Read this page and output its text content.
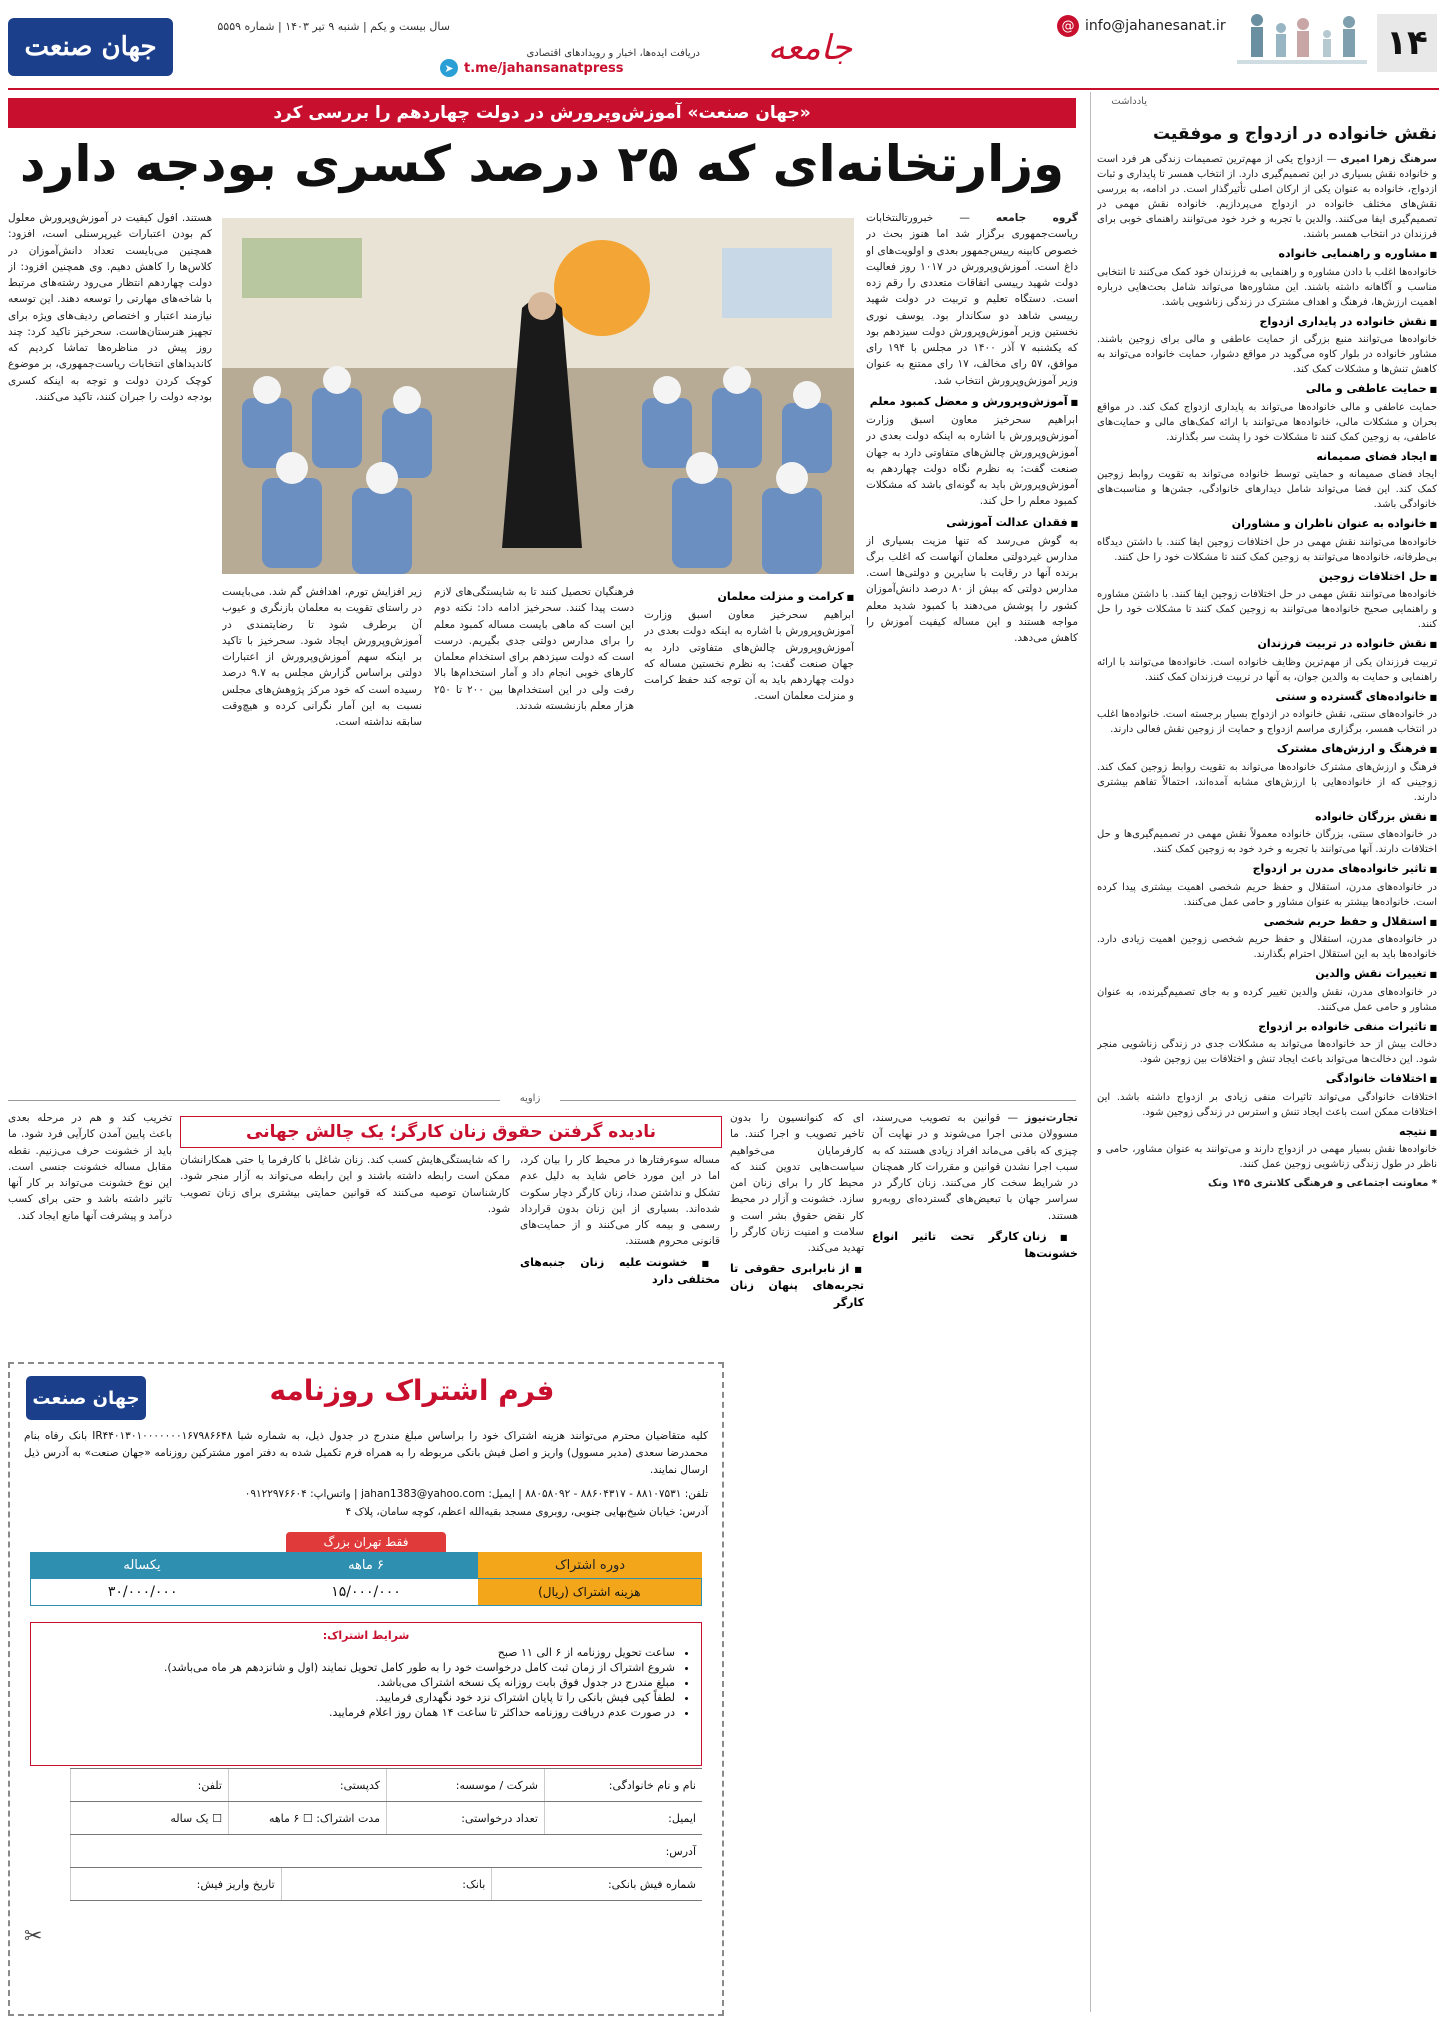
۱۴
@ info@jahanesanat.ir
جامعه
دریافت ایده‌ها، اخبار و رویدادهای اقتصادی
➤ t.me/jahansanatpress
سال بیست و یکم | شنبه ۹ تیر ۱۴۰۳ | شماره ۵۵۵۹
جهان صنعت
یادداشت
نقش خانواده در ازدواج و موفقیت

سرهنگ زهرا امیری — ازدواج یکی از مهم‌ترین تصمیمات زندگی هر فرد است و خانواده نقش بسیاری در این تصمیم‌گیری دارد. از انتخاب همسر تا پایداری و ثبات ازدواج، خانواده به عنوان یکی از ارکان اصلی تأثیرگذار است. در ادامه، به بررسی نقش‌های مختلف خانواده در ازدواج می‌پردازیم. خانواده نقش مهمی در تصمیم‌گیری ایفا می‌کنند. والدین با تجربه و خرد خود می‌توانند راهنمای خوبی برای فرزندان در انتخاب همسر باشند.

■ مشاوره و راهنمایی خانواده

خانواده‌ها اغلب با دادن مشاوره و راهنمایی به فرزندان خود کمک می‌کنند تا انتخابی مناسب و آگاهانه داشته باشند. این مشاوره‌ها می‌تواند شامل بحث‌هایی درباره اهمیت ارزش‌ها، فرهنگ و اهداف مشترک در زندگی زناشویی باشد.

■ نقش خانواده در پایداری ازدواج

خانواده‌ها می‌توانند منبع بزرگی از حمایت عاطفی و مالی برای زوجین باشند. مشاور خانواده در بلوار کاوه می‌گوید در مواقع دشوار، حمایت خانواده می‌تواند به کاهش تنش‌ها و مشکلات کمک کند.

■ حمایت عاطفی و مالی

حمایت عاطفی و مالی خانواده‌ها می‌تواند به پایداری ازدواج کمک کند. در مواقع بحران و مشکلات مالی، خانواده‌ها می‌توانند با ارائه کمک‌های مالی و حمایت‌های عاطفی، به زوجین کمک کنند تا مشکلات خود را پشت سر بگذارند.

■ ایجاد فضای صمیمانه

ایجاد فضای صمیمانه و حمایتی توسط خانواده می‌تواند به تقویت روابط زوجین کمک کند. این فضا می‌تواند شامل دیدارهای خانوادگی، جشن‌ها و مناسبت‌های خانوادگی باشد.

■ خانواده به عنوان ناظران و مشاوران

خانواده‌ها می‌توانند نقش مهمی در حل اختلافات زوجین ایفا کنند. با داشتن دیدگاه بی‌طرفانه، خانواده‌ها می‌توانند به زوجین کمک کنند تا مشکلات خود را حل کنند.

■ حل اختلافات زوجین

خانواده‌ها می‌توانند نقش مهمی در حل اختلافات زوجین ایفا کنند. با داشتن مشاوره و راهنمایی صحیح خانواده‌ها می‌توانند به زوجین کمک کنند تا مشکلات خود را حل کنند.

■ نقش خانواده در تربیت فرزندان

تربیت فرزندان یکی از مهم‌ترین وظایف خانواده است. خانواده‌ها می‌توانند با ارائه راهنمایی و حمایت به والدین جوان، به آنها در تربیت فرزندان کمک کنند.

■ خانواده‌های گسترده و سنتی

در خانواده‌های سنتی، نقش خانواده در ازدواج بسیار برجسته است. خانواده‌ها اغلب در انتخاب همسر، برگزاری مراسم ازدواج و حمایت از زوجین نقش فعالی دارند.

■ فرهنگ و ارزش‌های مشترک

فرهنگ و ارزش‌های مشترک خانواده‌ها می‌تواند به تقویت روابط زوجین کمک کند. زوجینی که از خانواده‌هایی با ارزش‌های مشابه آمده‌اند، احتمالاً تفاهم بیشتری دارند.

■ نقش بزرگان خانواده

در خانواده‌های سنتی، بزرگان خانواده معمولاً نقش مهمی در تصمیم‌گیری‌ها و حل اختلافات دارند. آنها می‌توانند با تجربه و خرد خود به زوجین کمک کنند.

■ تاثیر خانواده‌های مدرن بر ازدواج

در خانواده‌های مدرن، استقلال و حفظ حریم شخصی اهمیت بیشتری پیدا کرده است. خانواده‌ها بیشتر به عنوان مشاور و حامی عمل می‌کنند.

■ استقلال و حفظ حریم شخصی

در خانواده‌های مدرن، استقلال و حفظ حریم شخصی زوجین اهمیت زیادی دارد. خانواده‌ها باید به این استقلال احترام بگذارند.

■ تغییرات نقش والدین

در خانواده‌های مدرن، نقش والدین تغییر کرده و به جای تصمیم‌گیرنده، به عنوان مشاور و حامی عمل می‌کنند.

■ تاثیرات منفی خانواده بر ازدواج

دخالت بیش از حد خانواده‌ها می‌تواند به مشکلات جدی در زندگی زناشویی منجر شود. این دخالت‌ها می‌تواند باعث ایجاد تنش و اختلافات بین زوجین شود.

■ اختلافات خانوادگی

اختلافات خانوادگی می‌تواند تاثیرات منفی زیادی بر ازدواج داشته باشد. این اختلافات ممکن است باعث ایجاد تنش و استرس در زندگی زوجین شود.

■ نتیجه

خانواده‌ها نقش بسیار مهمی در ازدواج دارند و می‌توانند به عنوان مشاور، حامی و ناظر در طول زندگی زناشویی زوجین عمل کنند.

* معاونت اجتماعی و فرهنگی کلانتری ۱۴۵ ونک

«جهان صنعت» آموزش‌وپرورش در دولت چهاردهم را بررسی کرد
وزارتخانه‌ای که ۲۵ درصد کسری بودجه دارد

گروه جامعه — خبرورتالنتخابات ریاست‌جمهوری برگزار شد اما هنوز بحث در خصوص کابینه رییس‌جمهور بعدی و اولویت‌های او داغ است. آموزش‌وپرورش در ۱۰۱۷ روز فعالیت دولت شهید رییسی اتفاقات متعددی را رقم زده است. دستگاه تعلیم و تربیت در دولت شهید رییسی شاهد دو سکاندار بود. یوسف نوری نخستین وزیر آموزش‌وپرورش دولت سیزدهم بود که یکشنبه ۷ آذر ۱۴۰۰ در مجلس با ۱۹۴ رای موافق، ۵۷ رای مخالف، ۱۷ رای ممتنع به عنوان وزیر آموزش‌وپرورش انتخاب شد.

■ آموزش‌وپرورش و معضل کمبود معلم

ابراهیم سحرخیز معاون اسبق وزارت آموزش‌وپرورش با اشاره به اینکه دولت بعدی در آموزش‌وپرورش چالش‌های متفاوتی دارد به جهان صنعت گفت: به نظرم نگاه دولت چهاردهم به آموزش‌وپرورش باید به گونه‌ای باشد که مشکلات کمبود معلم را حل کند.

■ فقدان عدالت آموزشی

به گوش می‌رسد که تنها مزیت بسیاری از مدارس غیردولتی معلمان آنهاست که اغلب برگ برنده آنها در رقابت با سایرین و دولتی‌ها است. مدارس دولتی که بیش از ۸۰ درصد دانش‌آموزان کشور را پوشش می‌دهند با کمبود شدید معلم مواجه هستند و این مساله کیفیت آموزش را کاهش می‌دهد.

■ کرامت و منزلت معلمان

ابراهیم سحرخیز معاون اسبق وزارت آموزش‌وپرورش با اشاره به اینکه دولت بعدی در آموزش‌وپرورش چالش‌های متفاوتی دارد به جهان صنعت گفت: به نظرم نخستین مساله که دولت چهاردهم باید به آن توجه کند حفظ کرامت و منزلت معلمان است.

فرهنگیان تحصیل کنند تا به شایستگی‌های لازم دست پیدا کنند. سحرخیز ادامه داد: نکته دوم این است که ماهی بایست مساله کمبود معلم را برای مدارس دولتی جدی بگیریم. درست است که دولت سیزدهم برای استخدام معلمان کارهای خوبی انجام داد و آمار استخدام‌ها بالا رفت ولی در این استخدام‌ها بین ۲۰۰ تا ۲۵۰ هزار معلم بازنشسته شدند.

زیر افزایش تورم، اهدافش گم شد. می‌بایست در راستای تقویت به معلمان بازنگری و عیوب آن برطرف شود تا رضایتمندی در آموزش‌وپرورش ایجاد شود. سحرخیز با تاکید بر اینکه سهم آموزش‌وپرورش از اعتبارات دولتی براساس گزارش مجلس به ۹.۷ درصد رسیده است که خود مرکز پژوهش‌های مجلس نسبت به این آمار نگرانی کرده و هیچ‌وقت سابقه نداشته است.

هستند. افول کیفیت در آموزش‌وپرورش معلول کم بودن اعتبارات غیرپرسنلی است، افزود: همچنین می‌بایست تعداد دانش‌آموزان در کلاس‌ها را کاهش دهیم. وی همچنین افزود: از دولت چهاردهم انتظار می‌رود رشته‌های مرتبط با شاخه‌های مهارتی را توسعه دهند. این توسعه نیازمند اعتبار و اختصاص ردیف‌های ویژه برای تجهیز هنرستان‌هاست. سحرخیز تاکید کرد: چند روز پیش در مناظره‌ها تماشا کردیم که کاندیداهای انتخابات ریاست‌جمهوری، بر موضوع کوچک کردن دولت و توجه به اینکه کسری بودجه دولت را جبران کنند، تاکید می‌کنند.

زاویه
نادیده گرفتن حقوق زنان کارگر؛ یک چالش جهانی

تجارت‌نیوز — قوانین به تصویب می‌رسند، مسوولان مدنی اجرا می‌شوند و در نهایت آن چیزی که باقی می‌ماند افراد زیادی هستند که به سبب اجرا نشدن قوانین و مقررات کار همچنان در شرایط سخت کار می‌کنند. زنان کارگر در سراسر جهان با تبعیض‌های گسترده‌ای روبه‌رو هستند.

■ زنان کارگر تحت تاثیر انواع خشونت‌ها

ای که کنوانسیون را بدون تاخیر تصویب و اجرا کنند. ما کارفرمایان می‌خواهیم سیاست‌هایی تدوین کنند که محیط کار را برای زنان امن سازد. خشونت و آزار در محیط کار نقض حقوق بشر است و سلامت و امنیت زنان کارگر را تهدید می‌کند.

■ از نابرابری حقوقی تا تجربه‌های پنهان زنان کارگر

مساله سوءرفتارها در محیط کار را بیان کرد، اما در این مورد خاص شاید به دلیل عدم تشکل و نداشتن صدا، زنان کارگر دچار سکوت شده‌اند. بسیاری از این زنان بدون قرارداد رسمی و بیمه کار می‌کنند و از حمایت‌های قانونی محروم هستند.

■ خشونت علیه زنان جنبه‌های مختلفی دارد

را که شایستگی‌هایش کسب کند. زنان شاغل با کارفرما یا حتی همکارانشان ممکن است رابطه داشته باشند و این رابطه می‌تواند به آزار منجر شود. کارشناسان توصیه می‌کنند که قوانین حمایتی بیشتری برای زنان تصویب شود.

تخریب کند و هم در مرحله بعدی باعث پایین آمدن کارآیی فرد شود. ما باید از خشونت حرف می‌زنیم. نقطه مقابل مساله خشونت جنسی است. این نوع خشونت می‌تواند بر کار آنها تاثیر داشته باشد و حتی برای کسب درآمد و پیشرفت آنها مانع ایجاد کند.

جهان صنعت	فرم اشتراک روزنامه
کلیه متقاضیان محترم می‌توانند هزینه اشتراک خود را براساس مبلغ مندرج در جدول ذیل، به شماره شبا IR۴۴۰۱۳۰۱۰۰۰۰۰۰۰۱۶۷۹۸۶۶۴۸ بانک رفاه بنام محمدرضا سعدی (مدیر مسوول) واریز و اصل فیش بانکی مربوطه را به همراه فرم تکمیل شده به دفتر امور مشترکین روزنامه «جهان صنعت» به آدرس ذیل ارسال نمایند.
تلفن: ۸۸۱۰۷۵۳۱ - ۸۸۶۰۴۳۱۷ - ۸۸۰۵۸۰۹۲ | ایمیل: jahan1383@yahoo.com | واتس‌اپ: ۰۹۱۲۲۹۷۶۶۰۴
آدرس: خیابان شیخ‌بهایی جنوبی، روبروی مسجد بقیه‌الله اعظم، کوچه سامان، پلاک ۴
فقط تهران بزرگ
دوره اشتراک
۶ ماهه
یکساله
هزینه اشتراک (ریال)
۱۵/۰۰۰/۰۰۰
۳۰/۰۰۰/۰۰۰
شرایط اشتراک:
• ساعت تحویل روزنامه از ۶ الی ۱۱ صبح
• شروع اشتراک از زمان ثبت کامل درخواست خود را به طور کامل تحویل نمایند (اول و شانزدهم هر ماه می‌باشد).
• مبلغ مندرج در جدول فوق بابت روزانه یک نسخه اشتراک می‌باشد.
• لطفاً کپی فیش بانکی را تا پایان اشتراک نزد خود نگهداری فرمایید.
• در صورت عدم دریافت روزنامه حداکثر تا ساعت ۱۴ همان روز اعلام فرمایید.
نام و نام خانوادگی:
شرکت / موسسه:
کدپستی:
تلفن:
ایمیل:
تعداد درخواستی:
مدت اشتراک:

☐

۶ ماهه
☐

یک ساله
آدرس:
شماره فیش بانکی:
بانک:
تاریخ واریز فیش:
✂
